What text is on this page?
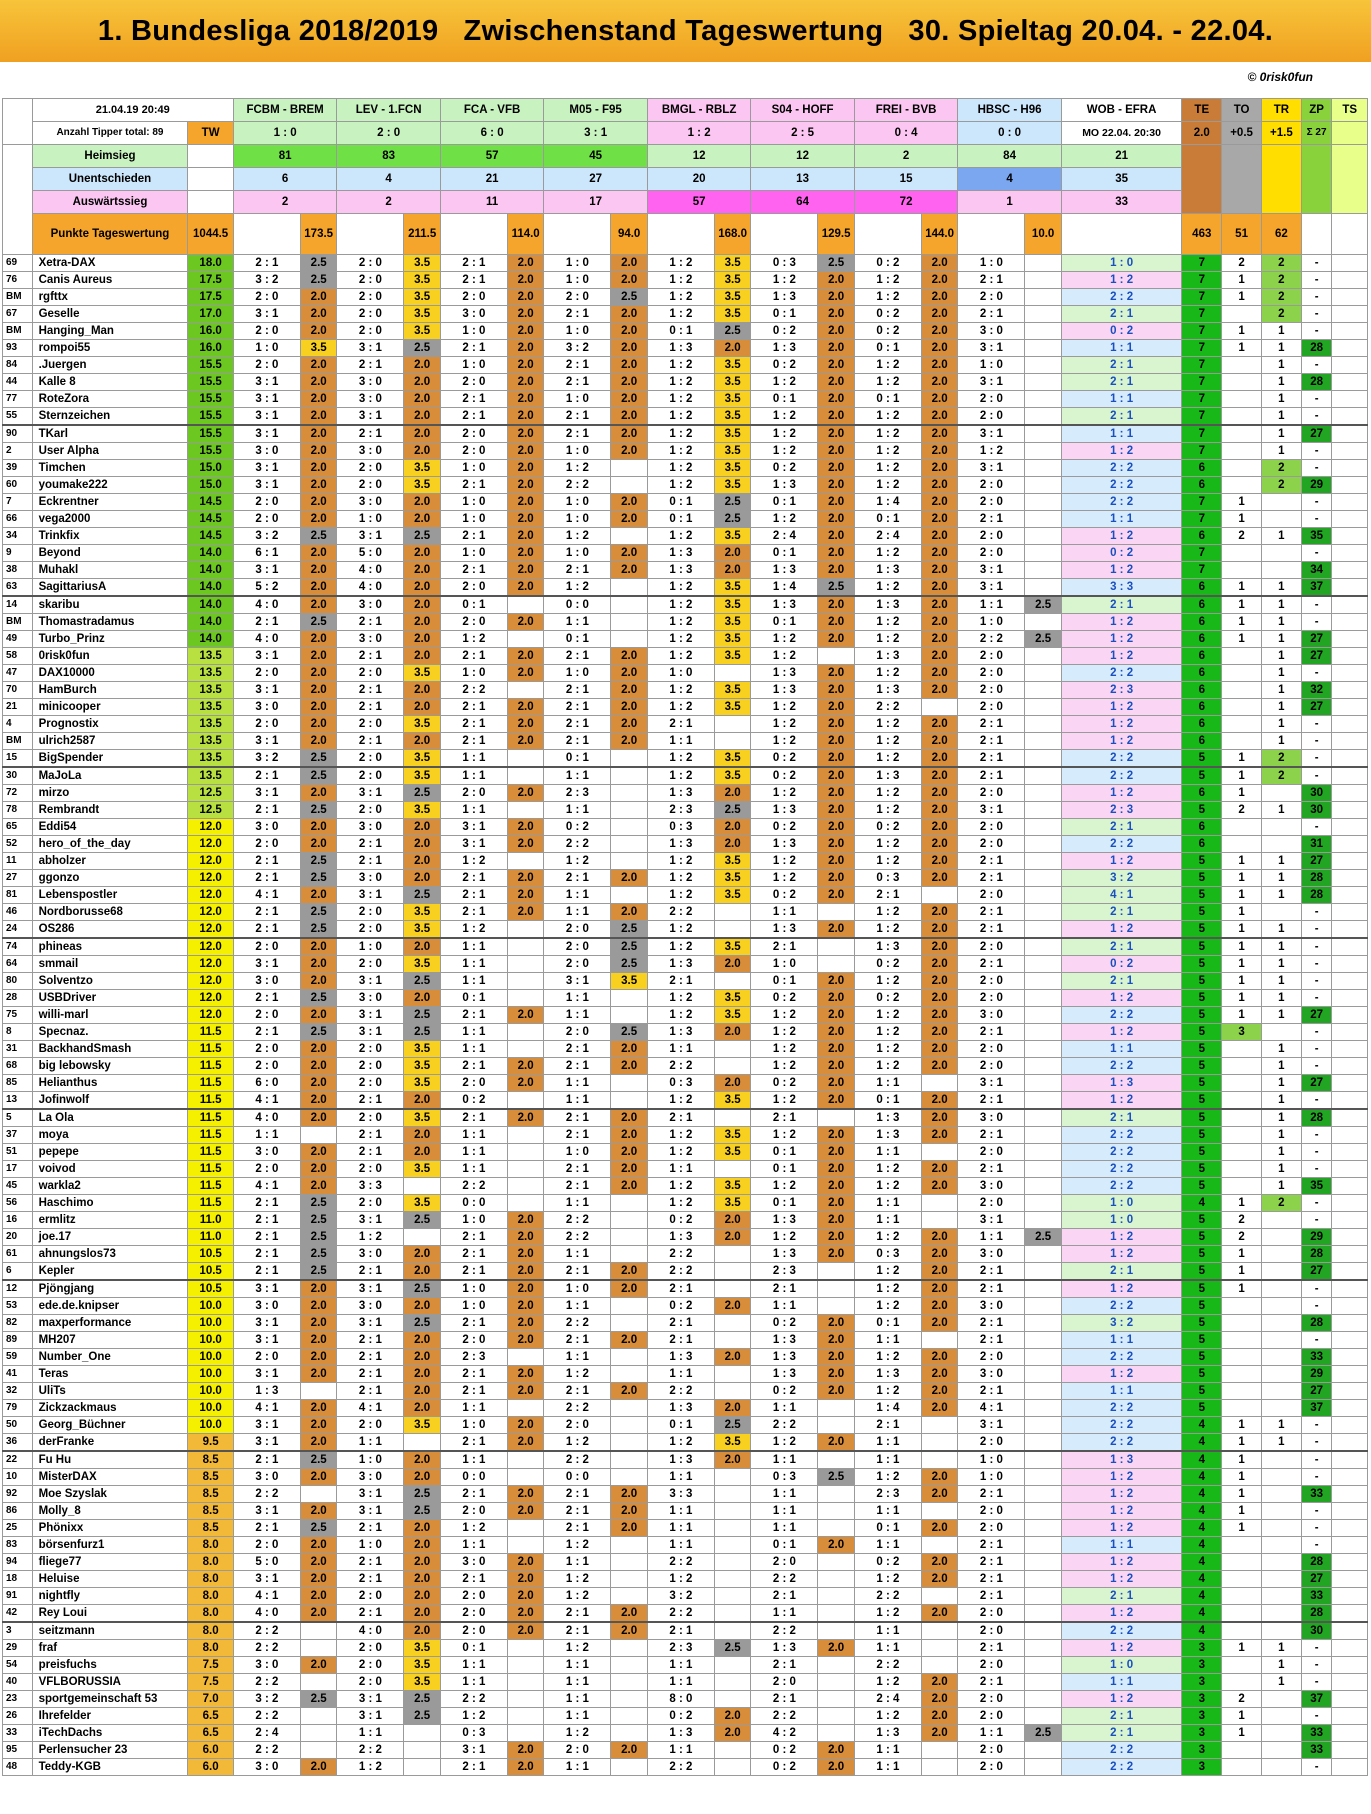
1. Bundesliga 2018/2019   Zwischenstand Tageswertung   30. Spieltag 20.04. - 22.04.
© 0risk0fun
	21.04.19 20:49		FCBM - BREM		LEV - 1.FCN		FCA - VFB		M05 - F95		BMGL - RBLZ		S04 - HOFF		FREI - BVB		HBSC - H96		WOB - EFRA	TE	TO	TR	ZP	TS
	Anzahl Tipper total: 89	TW	1 : 0		2 : 0		6 : 0		3 : 1		1 : 2		2 : 5		0 : 4		0 : 0		MO 22.04. 20:30	2.0	+0.5	+1.5	Σ 27	
	Heimsieg		81		83		57		45		12		12		2		84		21					
	Unentschieden		6		4		21		27		20		13		15		4		35					
	Auswärtssieg		2		2		11		17		57		64		72		1		33					
	Punkte Tageswertung	1044.5		173.5		211.5		114.0		94.0		168.0		129.5		144.0		10.0		463	51	62		
69	Xetra-DAX	18.0	2 : 1	2.5	2 : 0	3.5	2 : 1	2.0	1 : 0	2.0	1 : 2	3.5	0 : 3	2.5	0 : 2	2.0	1 : 0		1 : 0	7	2	2	-	
76	Canis Aureus	17.5	3 : 2	2.5	2 : 0	3.5	2 : 1	2.0	1 : 0	2.0	1 : 2	3.5	1 : 2	2.0	1 : 2	2.0	2 : 1		1 : 2	7	1	2	-	
BM	rgfttx	17.5	2 : 0	2.0	2 : 0	3.5	2 : 0	2.0	2 : 0	2.5	1 : 2	3.5	1 : 3	2.0	1 : 2	2.0	2 : 0		2 : 2	7	1	2	-	
67	Geselle	17.0	3 : 1	2.0	2 : 0	3.5	3 : 0	2.0	2 : 1	2.0	1 : 2	3.5	0 : 1	2.0	0 : 2	2.0	2 : 1		2 : 1	7		2	-	
BM	Hanging_Man	16.0	2 : 0	2.0	2 : 0	3.5	1 : 0	2.0	1 : 0	2.0	0 : 1	2.5	0 : 2	2.0	0 : 2	2.0	3 : 0		0 : 2	7	1	1	-	
93	rompoi55	16.0	1 : 0	3.5	3 : 1	2.5	2 : 1	2.0	3 : 2	2.0	1 : 3	2.0	1 : 3	2.0	0 : 1	2.0	3 : 1		1 : 1	7	1	1	28	
84	.Juergen	15.5	2 : 0	2.0	2 : 1	2.0	1 : 0	2.0	2 : 1	2.0	1 : 2	3.5	0 : 2	2.0	1 : 2	2.0	1 : 0		2 : 1	7		1	-	
44	Kalle 8	15.5	3 : 1	2.0	3 : 0	2.0	2 : 0	2.0	2 : 1	2.0	1 : 2	3.5	1 : 2	2.0	1 : 2	2.0	3 : 1		2 : 1	7		1	28	
77	RoteZora	15.5	3 : 1	2.0	3 : 0	2.0	2 : 1	2.0	1 : 0	2.0	1 : 2	3.5	0 : 1	2.0	0 : 1	2.0	2 : 0		1 : 1	7		1	-	
55	Sternzeichen	15.5	3 : 1	2.0	3 : 1	2.0	2 : 1	2.0	2 : 1	2.0	1 : 2	3.5	1 : 2	2.0	1 : 2	2.0	2 : 0		2 : 1	7		1	-	
90	TKarl	15.5	3 : 1	2.0	2 : 1	2.0	2 : 0	2.0	2 : 1	2.0	1 : 2	3.5	1 : 2	2.0	1 : 2	2.0	3 : 1		1 : 1	7		1	27	
2	User Alpha	15.5	3 : 0	2.0	3 : 0	2.0	2 : 0	2.0	1 : 0	2.0	1 : 2	3.5	1 : 2	2.0	1 : 2	2.0	1 : 2		1 : 2	7		1	-	
39	Timchen	15.0	3 : 1	2.0	2 : 0	3.5	1 : 0	2.0	1 : 2		1 : 2	3.5	0 : 2	2.0	1 : 2	2.0	3 : 1		2 : 2	6		2	-	
60	youmake222	15.0	3 : 1	2.0	2 : 0	3.5	2 : 1	2.0	2 : 2		1 : 2	3.5	1 : 3	2.0	1 : 2	2.0	2 : 0		2 : 2	6		2	29	
7	Eckrentner	14.5	2 : 0	2.0	3 : 0	2.0	1 : 0	2.0	1 : 0	2.0	0 : 1	2.5	0 : 1	2.0	1 : 4	2.0	2 : 0		2 : 2	7	1		-	
66	vega2000	14.5	2 : 0	2.0	1 : 0	2.0	1 : 0	2.0	1 : 0	2.0	0 : 1	2.5	1 : 2	2.0	0 : 1	2.0	2 : 1		1 : 1	7	1		-	
34	Trinkfix	14.5	3 : 2	2.5	3 : 1	2.5	2 : 1	2.0	1 : 2		1 : 2	3.5	2 : 4	2.0	2 : 4	2.0	2 : 0		1 : 2	6	2	1	35	
9	Beyond	14.0	6 : 1	2.0	5 : 0	2.0	1 : 0	2.0	1 : 0	2.0	1 : 3	2.0	0 : 1	2.0	1 : 2	2.0	2 : 0		0 : 2	7			-	
38	Muhakl	14.0	3 : 1	2.0	4 : 0	2.0	2 : 1	2.0	2 : 1	2.0	1 : 3	2.0	1 : 3	2.0	1 : 3	2.0	3 : 1		1 : 2	7			34	
63	SagittariusA	14.0	5 : 2	2.0	4 : 0	2.0	2 : 0	2.0	1 : 2		1 : 2	3.5	1 : 4	2.5	1 : 2	2.0	3 : 1		3 : 3	6	1	1	37	
14	skaribu	14.0	4 : 0	2.0	3 : 0	2.0	0 : 1		0 : 0		1 : 2	3.5	1 : 3	2.0	1 : 3	2.0	1 : 1	2.5	2 : 1	6	1	1	-	
BM	Thomastradamus	14.0	2 : 1	2.5	2 : 1	2.0	2 : 0	2.0	1 : 1		1 : 2	3.5	0 : 1	2.0	1 : 2	2.0	1 : 0		1 : 2	6	1	1	-	
49	Turbo_Prinz	14.0	4 : 0	2.0	3 : 0	2.0	1 : 2		0 : 1		1 : 2	3.5	1 : 2	2.0	1 : 2	2.0	2 : 2	2.5	1 : 2	6	1	1	27	
58	0risk0fun	13.5	3 : 1	2.0	2 : 1	2.0	2 : 1	2.0	2 : 1	2.0	1 : 2	3.5	1 : 2		1 : 3	2.0	2 : 0		1 : 2	6		1	27	
47	DAX10000	13.5	2 : 0	2.0	2 : 0	3.5	1 : 0	2.0	1 : 0	2.0	1 : 0		1 : 3	2.0	1 : 2	2.0	2 : 0		2 : 2	6		1	-	
70	HamBurch	13.5	3 : 1	2.0	2 : 1	2.0	2 : 2		2 : 1	2.0	1 : 2	3.5	1 : 3	2.0	1 : 3	2.0	2 : 0		2 : 3	6		1	32	
21	minicooper	13.5	3 : 0	2.0	2 : 1	2.0	2 : 1	2.0	2 : 1	2.0	1 : 2	3.5	1 : 2	2.0	2 : 2		2 : 0		1 : 2	6		1	27	
4	Prognostix	13.5	2 : 0	2.0	2 : 0	3.5	2 : 1	2.0	2 : 1	2.0	2 : 1		1 : 2	2.0	1 : 2	2.0	2 : 1		1 : 2	6		1	-	
BM	ulrich2587	13.5	3 : 1	2.0	2 : 1	2.0	2 : 1	2.0	2 : 1	2.0	1 : 1		1 : 2	2.0	1 : 2	2.0	2 : 1		1 : 2	6		1	-	
15	BigSpender	13.5	3 : 2	2.5	2 : 0	3.5	1 : 1		0 : 1		1 : 2	3.5	0 : 2	2.0	1 : 2	2.0	2 : 1		2 : 2	5	1	2	-	
30	MaJoLa	13.5	2 : 1	2.5	2 : 0	3.5	1 : 1		1 : 1		1 : 2	3.5	0 : 2	2.0	1 : 3	2.0	2 : 1		2 : 2	5	1	2	-	
72	mirzo	12.5	3 : 1	2.0	3 : 1	2.5	2 : 0	2.0	2 : 3		1 : 3	2.0	1 : 2	2.0	1 : 2	2.0	2 : 0		1 : 2	6	1		30	
78	Rembrandt	12.5	2 : 1	2.5	2 : 0	3.5	1 : 1		1 : 1		2 : 3	2.5	1 : 3	2.0	1 : 2	2.0	3 : 1		2 : 3	5	2	1	30	
65	Eddi54	12.0	3 : 0	2.0	3 : 0	2.0	3 : 1	2.0	0 : 2		0 : 3	2.0	0 : 2	2.0	0 : 2	2.0	2 : 0		2 : 1	6			-	
52	hero_of_the_day	12.0	2 : 0	2.0	2 : 1	2.0	3 : 1	2.0	2 : 2		1 : 3	2.0	1 : 3	2.0	1 : 2	2.0	2 : 0		2 : 2	6			31	
11	abholzer	12.0	2 : 1	2.5	2 : 1	2.0	1 : 2		1 : 2		1 : 2	3.5	1 : 2	2.0	1 : 2	2.0	2 : 1		1 : 2	5	1	1	27	
27	ggonzo	12.0	2 : 1	2.5	3 : 0	2.0	2 : 1	2.0	2 : 1	2.0	1 : 2	3.5	1 : 2	2.0	0 : 3	2.0	2 : 1		3 : 2	5	1	1	28	
81	Lebenspostler	12.0	4 : 1	2.0	3 : 1	2.5	2 : 1	2.0	1 : 1		1 : 2	3.5	0 : 2	2.0	2 : 1		2 : 0		4 : 1	5	1	1	28	
46	Nordborusse68	12.0	2 : 1	2.5	2 : 0	3.5	2 : 1	2.0	1 : 1	2.0	2 : 2		1 : 1		1 : 2	2.0	2 : 1		2 : 1	5	1		-	
24	OS286	12.0	2 : 1	2.5	2 : 0	3.5	1 : 2		2 : 0	2.5	1 : 2		1 : 3	2.0	1 : 2	2.0	2 : 1		1 : 2	5	1	1	-	
74	phineas	12.0	2 : 0	2.0	1 : 0	2.0	1 : 1		2 : 0	2.5	1 : 2	3.5	2 : 1		1 : 3	2.0	2 : 0		2 : 1	5	1	1	-	
64	smmail	12.0	3 : 1	2.0	2 : 0	3.5	1 : 1		2 : 0	2.5	1 : 3	2.0	1 : 0		0 : 2	2.0	2 : 1		0 : 2	5	1	1	-	
80	Solventzo	12.0	3 : 0	2.0	3 : 1	2.5	1 : 1		3 : 1	3.5	2 : 1		0 : 1	2.0	1 : 2	2.0	2 : 0		2 : 1	5	1	1	-	
28	USBDriver	12.0	2 : 1	2.5	3 : 0	2.0	0 : 1		1 : 1		1 : 2	3.5	0 : 2	2.0	0 : 2	2.0	2 : 0		1 : 2	5	1	1	-	
75	willi-marl	12.0	2 : 0	2.0	3 : 1	2.5	2 : 1	2.0	1 : 1		1 : 2	3.5	1 : 2	2.0	1 : 2	2.0	3 : 0		2 : 2	5	1	1	27	
8	Specnaz.	11.5	2 : 1	2.5	3 : 1	2.5	1 : 1		2 : 0	2.5	1 : 3	2.0	1 : 2	2.0	1 : 2	2.0	2 : 1		1 : 2	5	3		-	
31	BackhandSmash	11.5	2 : 0	2.0	2 : 0	3.5	1 : 1		2 : 1	2.0	1 : 1		1 : 2	2.0	1 : 2	2.0	2 : 0		1 : 1	5		1	-	
68	big lebowsky	11.5	2 : 0	2.0	2 : 0	3.5	2 : 1	2.0	2 : 1	2.0	2 : 2		1 : 2	2.0	1 : 2	2.0	2 : 0		2 : 2	5		1	-	
85	Helianthus	11.5	6 : 0	2.0	2 : 0	3.5	2 : 0	2.0	1 : 1		0 : 3	2.0	0 : 2	2.0	1 : 1		3 : 1		1 : 3	5		1	27	
13	Jofinwolf	11.5	4 : 1	2.0	2 : 1	2.0	0 : 2		1 : 1		1 : 2	3.5	1 : 2	2.0	0 : 1	2.0	2 : 1		1 : 2	5		1	-	
5	La Ola	11.5	4 : 0	2.0	2 : 0	3.5	2 : 1	2.0	2 : 1	2.0	2 : 1		2 : 1		1 : 3	2.0	3 : 0		2 : 1	5		1	28	
37	moya	11.5	1 : 1		2 : 1	2.0	1 : 1		2 : 1	2.0	1 : 2	3.5	1 : 2	2.0	1 : 3	2.0	2 : 1		2 : 2	5		1	-	
51	pepepe	11.5	3 : 0	2.0	2 : 1	2.0	1 : 1		1 : 0	2.0	1 : 2	3.5	0 : 1	2.0	1 : 1		2 : 0		2 : 2	5		1	-	
17	voivod	11.5	2 : 0	2.0	2 : 0	3.5	1 : 1		2 : 1	2.0	1 : 1		0 : 1	2.0	1 : 2	2.0	2 : 1		2 : 2	5		1	-	
45	warkla2	11.5	4 : 1	2.0	3 : 3		2 : 2		2 : 1	2.0	1 : 2	3.5	1 : 2	2.0	1 : 2	2.0	3 : 0		2 : 2	5		1	35	
56	Haschimo	11.5	2 : 1	2.5	2 : 0	3.5	0 : 0		1 : 1		1 : 2	3.5	0 : 1	2.0	1 : 1		2 : 0		1 : 0	4	1	2	-	
16	ermlitz	11.0	2 : 1	2.5	3 : 1	2.5	1 : 0	2.0	2 : 2		0 : 2	2.0	1 : 3	2.0	1 : 1		3 : 1		1 : 0	5	2		-	
20	joe.17	11.0	2 : 1	2.5	1 : 2		2 : 1	2.0	2 : 2		1 : 3	2.0	1 : 2	2.0	1 : 2	2.0	1 : 1	2.5	1 : 2	5	2		29	
61	ahnungslos73	10.5	2 : 1	2.5	3 : 0	2.0	2 : 1	2.0	1 : 1		2 : 2		1 : 3	2.0	0 : 3	2.0	3 : 0		1 : 2	5	1		28	
6	Kepler	10.5	2 : 1	2.5	2 : 1	2.0	2 : 1	2.0	2 : 1	2.0	2 : 2		2 : 3		1 : 2	2.0	2 : 1		2 : 1	5	1		27	
12	Pjöngjang	10.5	3 : 1	2.0	3 : 1	2.5	1 : 0	2.0	1 : 0	2.0	2 : 1		2 : 1		1 : 2	2.0	2 : 1		1 : 2	5	1		-	
53	ede.de.knipser	10.0	3 : 0	2.0	3 : 0	2.0	1 : 0	2.0	1 : 1		0 : 2	2.0	1 : 1		1 : 2	2.0	3 : 0		2 : 2	5			-	
82	maxperformance	10.0	3 : 1	2.0	3 : 1	2.5	2 : 1	2.0	2 : 2		2 : 1		0 : 2	2.0	0 : 1	2.0	2 : 1		3 : 2	5			28	
89	MH207	10.0	3 : 1	2.0	2 : 1	2.0	2 : 0	2.0	2 : 1	2.0	2 : 1		1 : 3	2.0	1 : 1		2 : 1		1 : 1	5			-	
59	Number_One	10.0	2 : 0	2.0	2 : 1	2.0	2 : 3		1 : 1		1 : 3	2.0	1 : 3	2.0	1 : 2	2.0	2 : 0		2 : 2	5			33	
41	Teras	10.0	3 : 1	2.0	2 : 1	2.0	2 : 1	2.0	1 : 2		1 : 1		1 : 3	2.0	1 : 3	2.0	3 : 0		1 : 2	5			29	
32	UliTs	10.0	1 : 3		2 : 1	2.0	2 : 1	2.0	2 : 1	2.0	2 : 2		0 : 2	2.0	1 : 2	2.0	2 : 1		1 : 1	5			27	
79	Zickzackmaus	10.0	4 : 1	2.0	4 : 1	2.0	1 : 1		2 : 2		1 : 3	2.0	1 : 1		1 : 4	2.0	4 : 1		2 : 2	5			37	
50	Georg_Büchner	10.0	3 : 1	2.0	2 : 0	3.5	1 : 0	2.0	2 : 0		0 : 1	2.5	2 : 2		2 : 1		3 : 1		2 : 2	4	1	1	-	
36	derFranke	9.5	3 : 1	2.0	1 : 1		2 : 1	2.0	1 : 2		1 : 2	3.5	1 : 2	2.0	1 : 1		2 : 0		2 : 2	4	1	1	-	
22	Fu Hu	8.5	2 : 1	2.5	1 : 0	2.0	1 : 1		2 : 2		1 : 3	2.0	1 : 1		1 : 1		1 : 0		1 : 3	4	1		-	
10	MisterDAX	8.5	3 : 0	2.0	3 : 0	2.0	0 : 0		0 : 0		1 : 1		0 : 3	2.5	1 : 2	2.0	1 : 0		1 : 2	4	1		-	
92	Moe Szyslak	8.5	2 : 2		3 : 1	2.5	2 : 1	2.0	2 : 1	2.0	3 : 3		1 : 1		2 : 3	2.0	2 : 1		1 : 2	4	1		33	
86	Molly_8	8.5	3 : 1	2.0	3 : 1	2.5	2 : 0	2.0	2 : 1	2.0	1 : 1		1 : 1		1 : 1		2 : 0		1 : 2	4	1		-	
25	Phönixx	8.5	2 : 1	2.5	2 : 1	2.0	1 : 2		2 : 1	2.0	1 : 1		1 : 1		0 : 1	2.0	2 : 0		1 : 2	4	1		-	
83	börsenfurz1	8.0	2 : 0	2.0	1 : 0	2.0	1 : 1		1 : 2		1 : 1		0 : 1	2.0	1 : 1		2 : 1		1 : 1	4			-	
94	fliege77	8.0	5 : 0	2.0	2 : 1	2.0	3 : 0	2.0	1 : 1		2 : 2		2 : 0		0 : 2	2.0	2 : 1		1 : 2	4			28	
18	Heluise	8.0	3 : 1	2.0	2 : 1	2.0	2 : 1	2.0	1 : 2		1 : 2		2 : 2		1 : 2	2.0	2 : 1		1 : 2	4			27	
91	nightfly	8.0	4 : 1	2.0	2 : 0	2.0	2 : 0	2.0	1 : 2		3 : 2		2 : 1		2 : 2		2 : 1		2 : 1	4			33	
42	Rey Loui	8.0	4 : 0	2.0	2 : 1	2.0	2 : 0	2.0	2 : 1	2.0	2 : 2		1 : 1		1 : 2	2.0	2 : 0		1 : 2	4			28	
3	seitzmann	8.0	2 : 2		4 : 0	2.0	2 : 0	2.0	2 : 1	2.0	2 : 1		2 : 2		1 : 1		2 : 0		2 : 2	4			30	
29	fraf	8.0	2 : 2		2 : 0	3.5	0 : 1		1 : 2		2 : 3	2.5	1 : 3	2.0	1 : 1		2 : 1		1 : 2	3	1	1	-	
54	preisfuchs	7.5	3 : 0	2.0	2 : 0	3.5	1 : 1		1 : 1		1 : 1		2 : 1		2 : 2		2 : 0		1 : 0	3		1	-	
40	VFLBORUSSIA	7.5	2 : 2		2 : 0	3.5	1 : 1		1 : 1		1 : 1		2 : 0		1 : 2	2.0	2 : 1		1 : 1	3		1	-	
23	sportgemeinschaft 53	7.0	3 : 2	2.5	3 : 1	2.5	2 : 2		1 : 1		8 : 0		2 : 1		2 : 4	2.0	2 : 0		1 : 2	3	2		37	
26	Ihrefelder	6.5	2 : 2		3 : 1	2.5	1 : 2		1 : 1		0 : 2	2.0	2 : 2		1 : 2	2.0	2 : 0		2 : 1	3	1		-	
33	iTechDachs	6.5	2 : 4		1 : 1		0 : 3		1 : 2		1 : 3	2.0	4 : 2		1 : 3	2.0	1 : 1	2.5	2 : 1	3	1		33	
95	Perlensucher 23	6.0	2 : 2		2 : 2		3 : 1	2.0	2 : 0	2.0	1 : 1		0 : 2	2.0	1 : 1		2 : 0		2 : 2	3			33	
48	Teddy-KGB	6.0	3 : 0	2.0	1 : 2		2 : 1	2.0	1 : 1		2 : 2		0 : 2	2.0	1 : 1		2 : 0		2 : 2	3			-	
